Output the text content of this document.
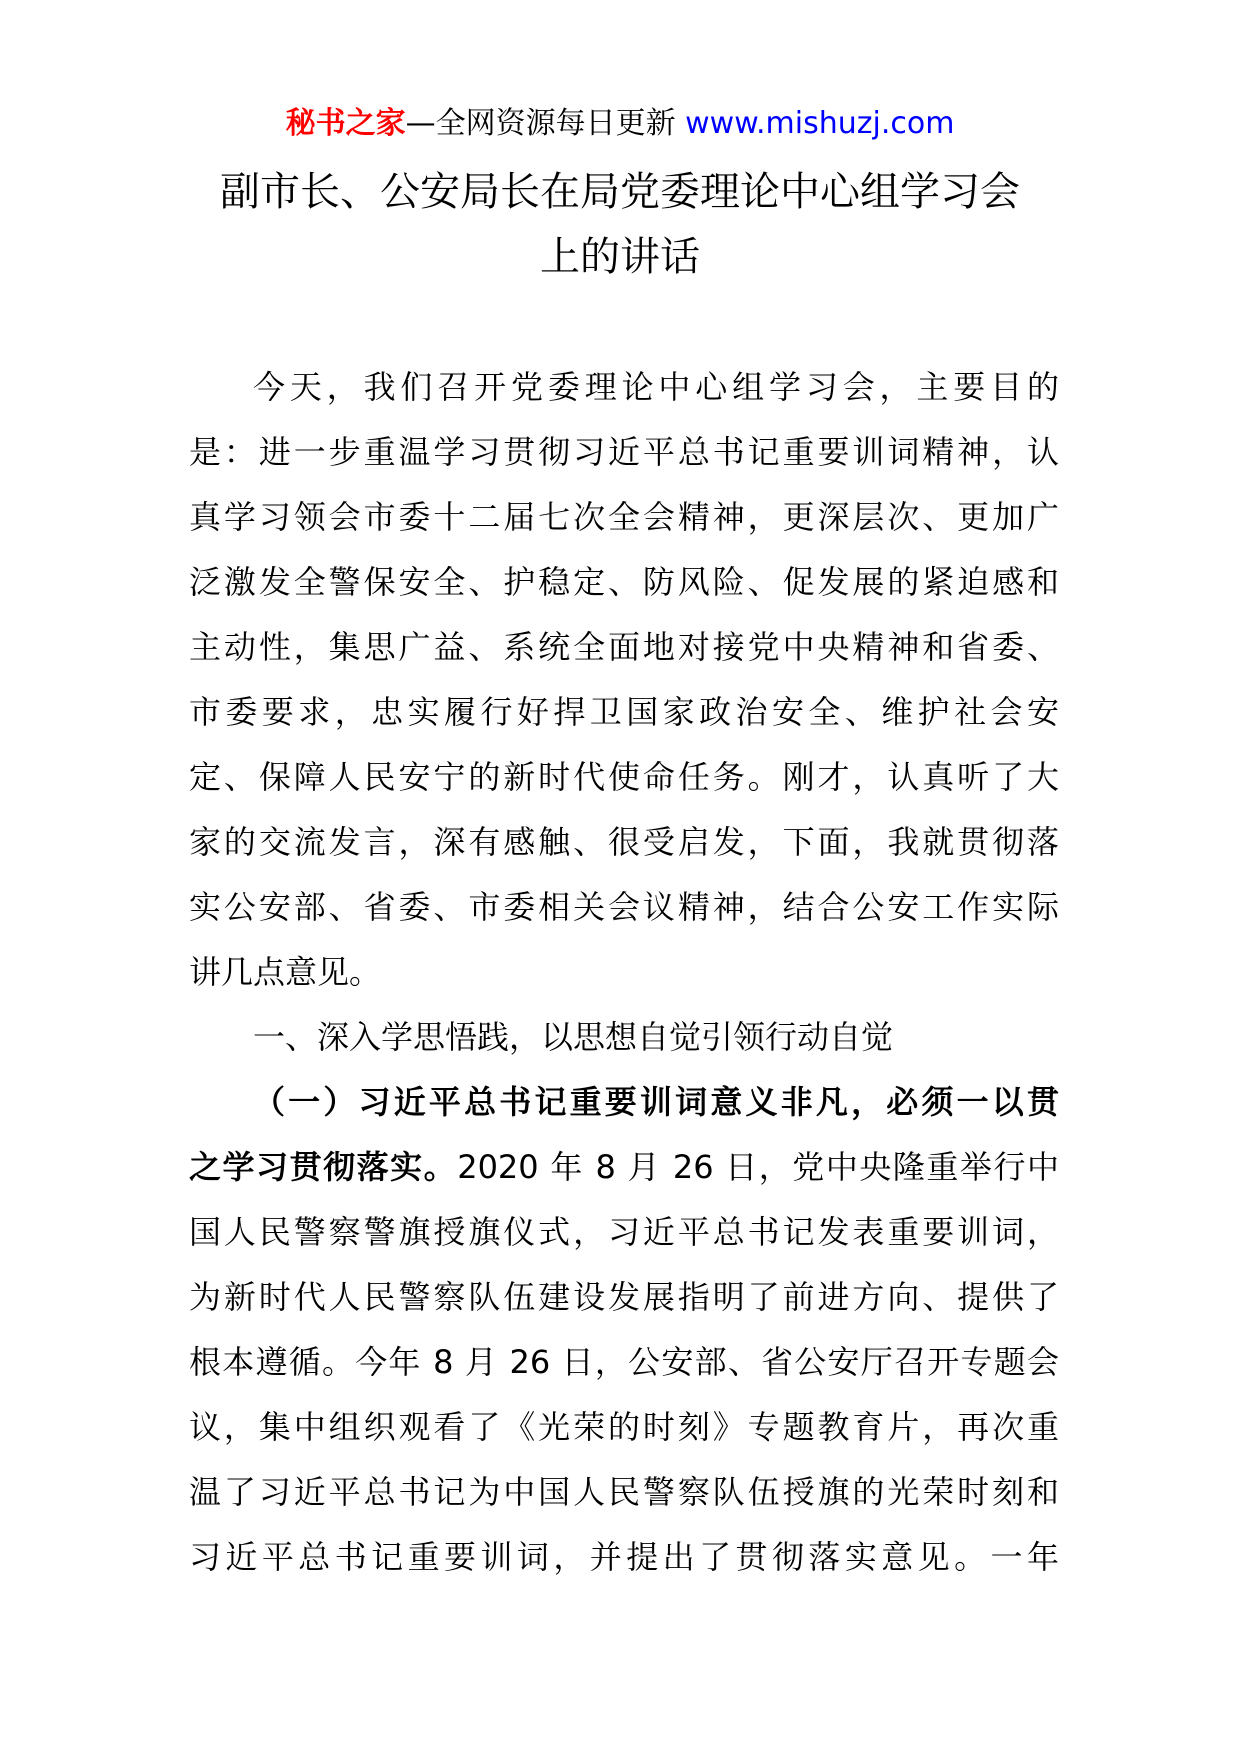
秘书之家—全网资源每日更新 www.mishuzj.com
副市长、公安局长在局党委理论中心组学习会
上的讲话
今天，我们召开党委理论中心组学习会，主要目的
是：进一步重温学习贯彻习近平总书记重要训词精神，认
真学习领会市委十二届七次全会精神，更深层次、更加广
泛激发全警保安全、护稳定、防风险、促发展的紧迫感和
主动性，集思广益、系统全面地对接党中央精神和省委、
市委要求，忠实履行好捍卫国家政治安全、维护社会安
定、保障人民安宁的新时代使命任务。刚才，认真听了大
家的交流发言，深有感触、很受启发，下面，我就贯彻落
实公安部、省委、市委相关会议精神，结合公安工作实际
讲几点意见。
一、深入学思悟践，以思想自觉引领行动自觉
（一）习近平总书记重要训词意义非凡，必须一以贯
之学习贯彻落实。2020 年 8 月 26 日，党中央隆重举行中
国人民警察警旗授旗仪式，习近平总书记发表重要训词，
为新时代人民警察队伍建设发展指明了前进方向、提供了
根本遵循。今年 8 月 26 日，公安部、省公安厅召开专题会
议，集中组织观看了《光荣的时刻》专题教育片，再次重
温了习近平总书记为中国人民警察队伍授旗的光荣时刻和
习近平总书记重要训词，并提出了贯彻落实意见。一年
